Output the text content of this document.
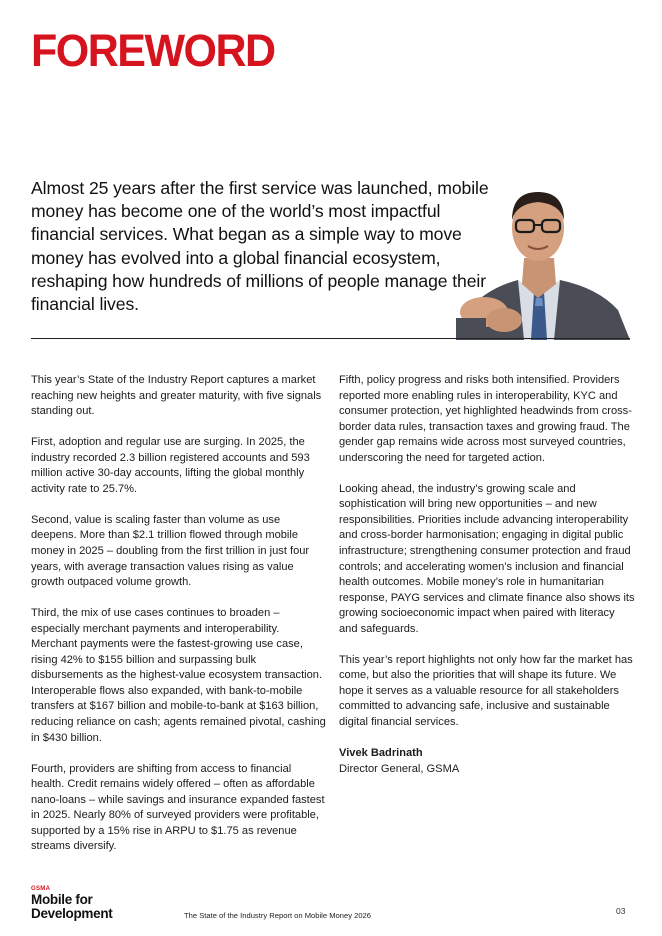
FOREWORD
Almost 25 years after the first service was launched, mobile money has become one of the world’s most impactful financial services. What began as a simple way to move money has evolved into a global financial ecosystem, reshaping how hundreds of millions of people manage their financial lives.

This year’s State of the Industry Report captures a market reaching new heights and greater maturity, with five signals standing out.

First, adoption and regular use are surging. In 2025, the industry recorded 2.3 billion registered accounts and 593 million active 30-day accounts, lifting the global monthly activity rate to 25.7%.

Second, value is scaling faster than volume as use deepens. More than $2.1 trillion flowed through mobile money in 2025 – doubling from the first trillion in just four years, with average transaction values rising as value growth outpaced volume growth.

Third, the mix of use cases continues to broaden – especially merchant payments and interoperability. Merchant payments were the fastest-growing use case, rising 42% to $155 billion and surpassing bulk disbursements as the highest-value ecosystem transaction. Interoperable flows also expanded, with bank-to-mobile transfers at $167 billion and mobile-to-bank at $163 billion, reducing reliance on cash; agents remained pivotal, cashing in $430 billion.

Fourth, providers are shifting from access to financial health. Credit remains widely offered – often as affordable nano-loans – while savings and insurance expanded fastest in 2025. Nearly 80% of surveyed providers were profitable, supported by a 15% rise in ARPU to $1.75 as revenue streams diversify.

Fifth, policy progress and risks both intensified. Providers reported more enabling rules in interoperability, KYC and consumer protection, yet highlighted headwinds from cross-border data rules, transaction taxes and growing fraud. The gender gap remains wide across most surveyed countries, underscoring the need for targeted action.

Looking ahead, the industry’s growing scale and sophistication will bring new opportunities – and new responsibilities. Priorities include advancing interoperability and cross-border harmonisation; engaging in digital public infrastructure; strengthening consumer protection and fraud controls; and accelerating women’s inclusion and financial health outcomes. Mobile money’s role in humanitarian response, PAYG services and climate finance also shows its growing socioeconomic impact when paired with literacy and safeguards.

This year’s report highlights not only how far the market has come, but also the priorities that will shape its future. We hope it serves as a valuable resource for all stakeholders committed to advancing safe, inclusive and sustainable digital financial services.

Vivek Badrinath
Director General, GSMA
GSMA
Mobile for
Development	The State of the Industry Report on Mobile Money 2026	03
